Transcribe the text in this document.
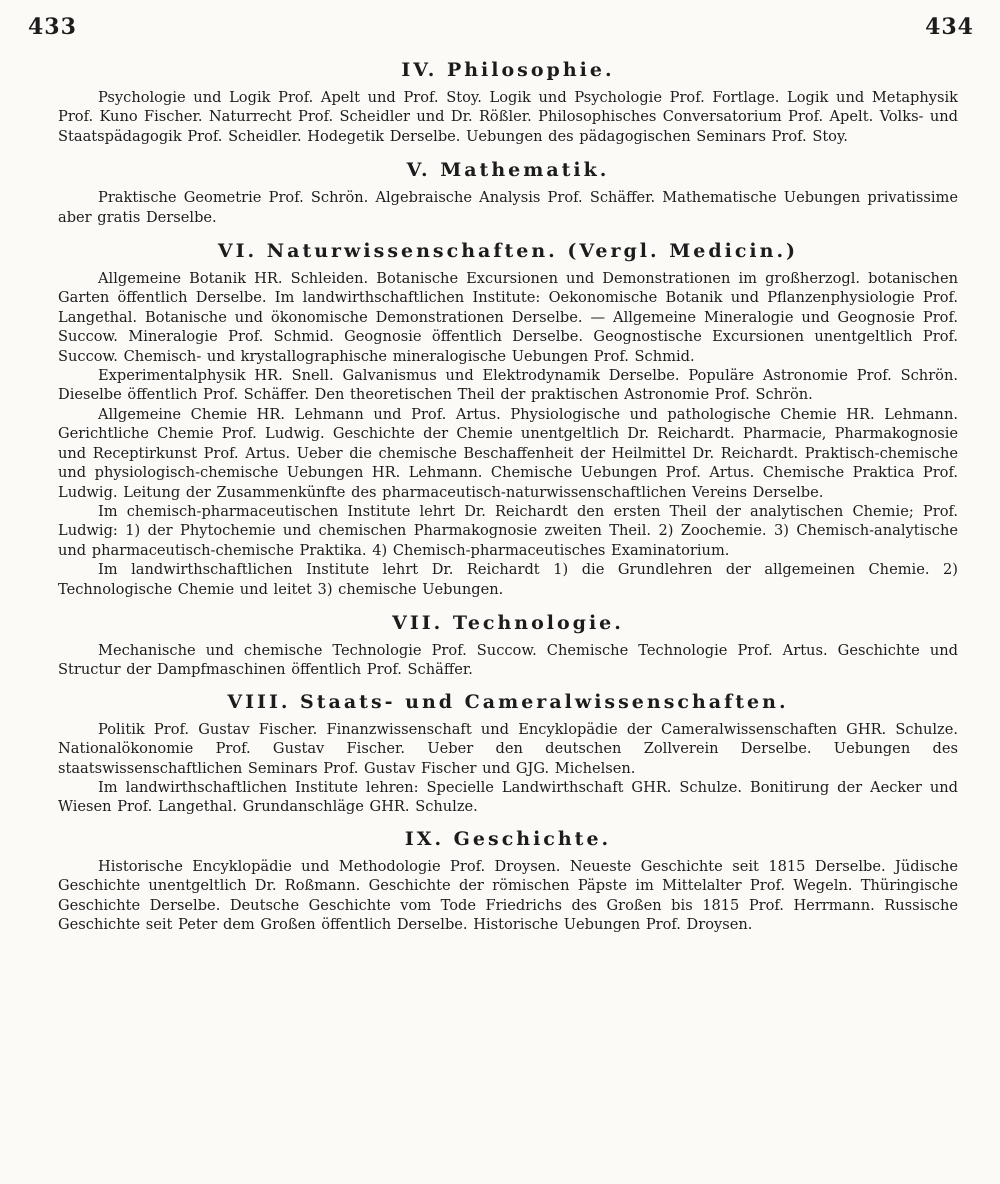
433	434
IV. Philosophie.

Psychologie und Logik Prof. Apelt und Prof. Stoy. Logik und Psychologie Prof. Fortlage. Logik und Metaphysik Prof. Kuno Fischer. Naturrecht Prof. Scheidler und Dr. Rößler. Philosophisches Conversatorium Prof. Apelt. Volks- und Staatspädagogik Prof. Scheidler. Hodegetik Derselbe. Uebungen des pädagogischen Seminars Prof. Stoy.

V. Mathematik.

Praktische Geometrie Prof. Schrön. Algebraische Analysis Prof. Schäffer. Mathematische Uebungen privatissime aber gratis Derselbe.

VI. Naturwissenschaften. (Vergl. Medicin.)

Allgemeine Botanik HR. Schleiden. Botanische Excursionen und Demonstrationen im großherzogl. botanischen Garten öffentlich Derselbe. Im landwirthschaftlichen Institute: Oekonomische Botanik und Pflanzenphysiologie Prof. Langethal. Botanische und ökonomische Demonstrationen Derselbe. — Allgemeine Mineralogie und Geognosie Prof. Succow. Mineralogie Prof. Schmid. Geognosie öffentlich Derselbe. Geognostische Excursionen unentgeltlich Prof. Succow. Chemisch- und krystallographische mineralogische Uebungen Prof. Schmid.

Experimentalphysik HR. Snell. Galvanismus und Elektrodynamik Derselbe. Populäre Astronomie Prof. Schrön. Dieselbe öffentlich Prof. Schäffer. Den theoretischen Theil der praktischen Astronomie Prof. Schrön.

Allgemeine Chemie HR. Lehmann und Prof. Artus. Physiologische und pathologische Chemie HR. Lehmann. Gerichtliche Chemie Prof. Ludwig. Geschichte der Chemie unentgeltlich Dr. Reichardt. Pharmacie, Pharmakognosie und Receptirkunst Prof. Artus. Ueber die chemische Beschaffenheit der Heilmittel Dr. Reichardt. Praktisch-chemische und physiologisch-chemische Uebungen HR. Lehmann. Chemische Uebungen Prof. Artus. Chemische Praktica Prof. Ludwig. Leitung der Zusammenkünfte des pharmaceutisch-naturwissenschaftlichen Vereins Derselbe.

Im chemisch-pharmaceutischen Institute lehrt Dr. Reichardt den ersten Theil der analytischen Chemie; Prof. Ludwig: 1) der Phytochemie und chemischen Pharmakognosie zweiten Theil. 2) Zoochemie. 3) Chemisch-analytische und pharmaceutisch-chemische Praktika. 4) Chemisch-pharmaceutisches Examinatorium.

Im landwirthschaftlichen Institute lehrt Dr. Reichardt 1) die Grundlehren der allgemeinen Chemie. 2) Technologische Chemie und leitet 3) chemische Uebungen.

VII. Technologie.

Mechanische und chemische Technologie Prof. Succow. Chemische Technologie Prof. Artus. Geschichte und Structur der Dampfmaschinen öffentlich Prof. Schäffer.

VIII. Staats- und Cameralwissenschaften.

Politik Prof. Gustav Fischer. Finanzwissenschaft und Encyklopädie der Cameralwissenschaften GHR. Schulze. Nationalökonomie Prof. Gustav Fischer. Ueber den deutschen Zollverein Derselbe. Uebungen des staatswissenschaftlichen Seminars Prof. Gustav Fischer und GJG. Michelsen.

Im landwirthschaftlichen Institute lehren: Specielle Landwirthschaft GHR. Schulze. Bonitirung der Aecker und Wiesen Prof. Langethal. Grundanschläge GHR. Schulze.

IX. Geschichte.

Historische Encyklopädie und Methodologie Prof. Droysen. Neueste Geschichte seit 1815 Derselbe. Jüdische Geschichte unentgeltlich Dr. Roßmann. Geschichte der römischen Päpste im Mittelalter Prof. Wegeln. Thüringische Geschichte Derselbe. Deutsche Geschichte vom Tode Friedrichs des Großen bis 1815 Prof. Herrmann. Russische Geschichte seit Peter dem Großen öffentlich Derselbe. Historische Uebungen Prof. Droysen.
